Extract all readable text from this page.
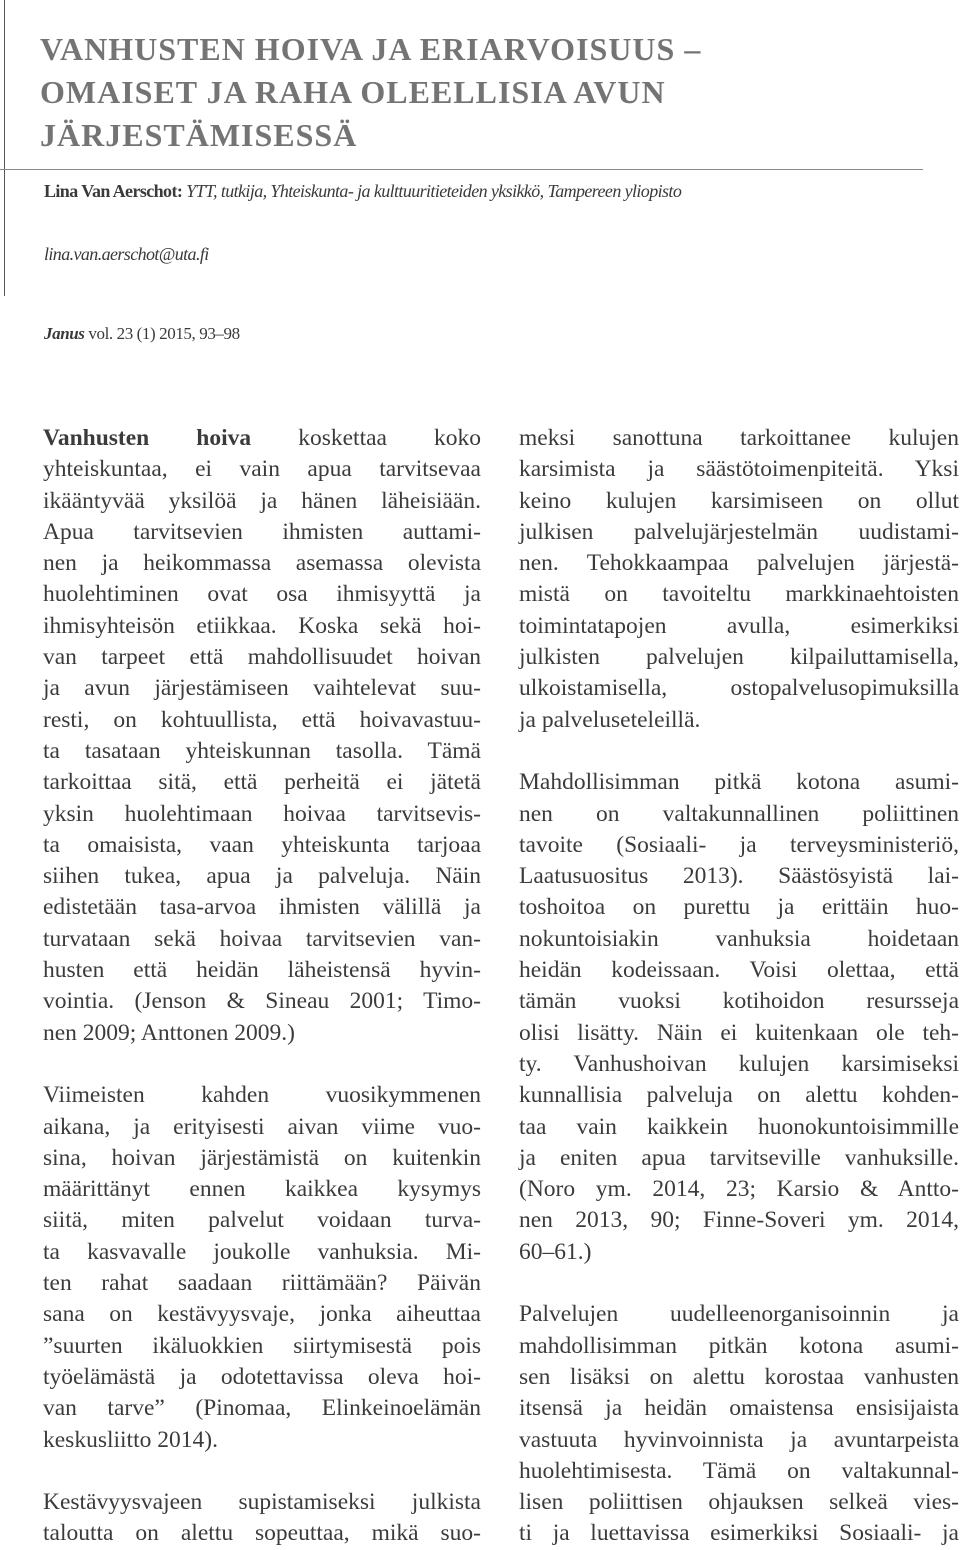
VANHUSTEN HOIVA JA ERIARVOISUUS –
OMAISET JA RAHA OLEELLISIA AVUN
JÄRJESTÄMISESSÄ
Lina Van Aerschot: YTT, tutkija, Yhteiskunta- ja kulttuuritieteiden yksikkö, Tampereen yliopisto
lina.van.aerschot@uta.fi
Janus vol. 23 (1) 2015, 93–98
Vanhusten hoiva koskettaa koko
yhteiskuntaa, ei vain apua tarvitsevaa
ikääntyvää yksilöä ja hänen läheisiään.
Apua tarvitsevien ihmisten auttami-
nen ja heikommassa asemassa olevista
huolehtiminen ovat osa ihmisyyttä ja
ihmisyhteisön etiikkaa. Koska sekä hoi-
van tarpeet että mahdollisuudet hoivan
ja avun järjestämiseen vaihtelevat suu-
resti, on kohtuullista, että hoivavastuu-
ta tasataan yhteiskunnan tasolla. Tämä
tarkoittaa sitä, että perheitä ei jätetä
yksin huolehtimaan hoivaa tarvitsevis-
ta omaisista, vaan yhteiskunta tarjoaa
siihen tukea, apua ja palveluja. Näin
edistetään tasa-arvoa ihmisten välillä ja
turvataan sekä hoivaa tarvitsevien van-
husten että heidän läheistensä hyvin-
vointia. (Jenson & Sineau 2001; Timo-
nen 2009; Anttonen 2009.)
Viimeisten kahden vuosikymmenen
aikana, ja erityisesti aivan viime vuo-
sina, hoivan järjestämistä on kuitenkin
määrittänyt ennen kaikkea kysymys
siitä, miten palvelut voidaan turva-
ta kasvavalle joukolle vanhuksia. Mi-
ten rahat saadaan riittämään? Päivän
sana on kestävyysvaje, jonka aiheuttaa
”suurten ikäluokkien siirtymisestä pois
työelämästä ja odotettavissa oleva hoi-
van tarve” (Pinomaa, Elinkeinoelämän
keskusliitto 2014).
Kestävyysvajeen supistamiseksi julkista
taloutta on alettu sopeuttaa, mikä suo-
meksi sanottuna tarkoittanee kulujen
karsimista ja säästötoimenpiteitä. Yksi
keino kulujen karsimiseen on ollut
julkisen palvelujärjestelmän uudistami-
nen. Tehokkaampaa palvelujen järjestä-
mistä on tavoiteltu markkinaehtoisten
toimintatapojen avulla, esimerkiksi
julkisten palvelujen kilpailuttamisella,
ulkoistamisella, ostopalvelusopimuksilla
ja palveluseteleillä.
Mahdollisimman pitkä kotona asumi-
nen on valtakunnallinen poliittinen
tavoite (Sosiaali- ja terveysministeriö,
Laatusuositus 2013). Säästösyistä lai-
toshoitoa on purettu ja erittäin huo-
nokuntoisiakin vanhuksia hoidetaan
heidän kodeissaan. Voisi olettaa, että
tämän vuoksi kotihoidon resursseja
olisi lisätty. Näin ei kuitenkaan ole teh-
ty. Vanhushoivan kulujen karsimiseksi
kunnallisia palveluja on alettu kohden-
taa vain kaikkein huonokuntoisimmille
ja eniten apua tarvitseville vanhuksille.
(Noro ym. 2014, 23; Karsio & Antto-
nen 2013, 90; Finne-Soveri ym. 2014,
60–61.)
Palvelujen uudelleenorganisoinnin ja
mahdollisimman pitkän kotona asumi-
sen lisäksi on alettu korostaa vanhusten
itsensä ja heidän omaistensa ensisijaista
vastuuta hyvinvoinnista ja avuntarpeista
huolehtimisesta. Tämä on valtakunnal-
lisen poliittisen ohjauksen selkeä vies-
ti ja luettavissa esimerkiksi Sosiaali- ja
